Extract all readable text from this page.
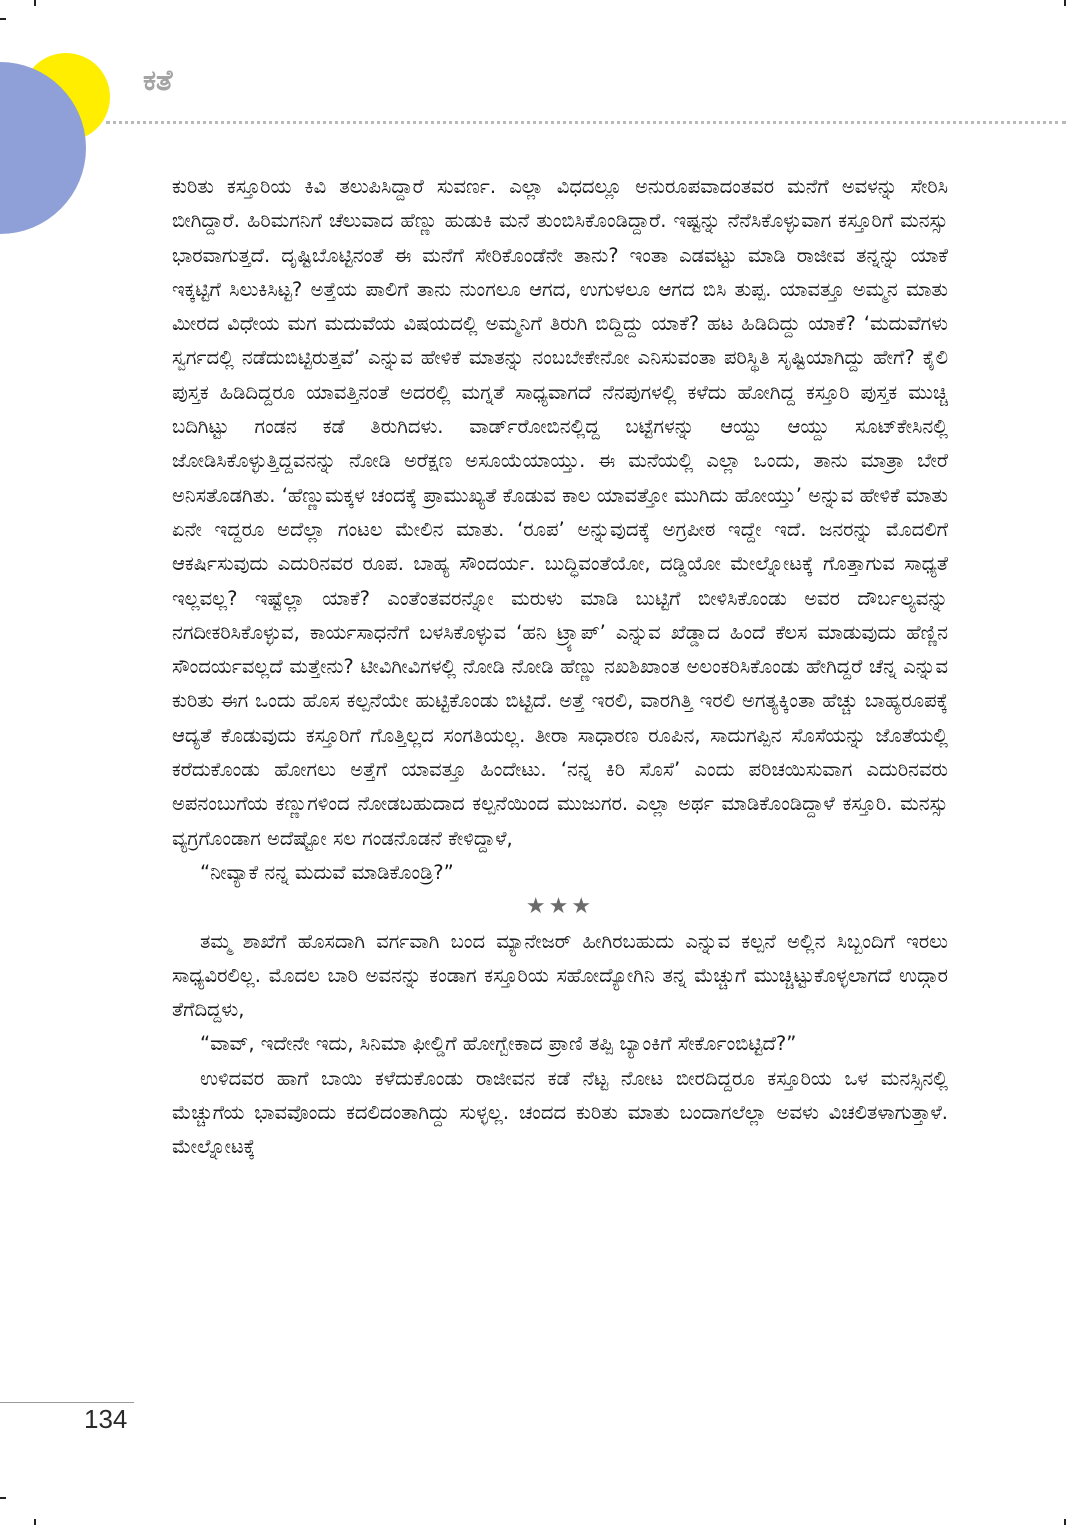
ಕತೆ

ಕುರಿತು ಕಸ್ತೂರಿಯ ಕಿವಿ ತಲುಪಿಸಿದ್ದಾರೆ ಸುವರ್ಣ. ಎಲ್ಲಾ ವಿಧದಲ್ಲೂ ಅನುರೂಪವಾದಂತವರ ಮನೆಗೆ ಅವಳನ್ನು ಸೇರಿಸಿ ಬೀಗಿದ್ದಾರೆ. ಹಿರಿಮಗನಿಗೆ ಚೆಲುವಾದ ಹೆಣ್ಣು ಹುಡುಕಿ ಮನೆ ತುಂಬಿಸಿಕೊಂಡಿದ್ದಾರೆ. ಇಷ್ಟನ್ನು ನೆನೆಸಿಕೊಳ್ಳುವಾಗ ಕಸ್ತೂರಿಗೆ ಮನಸ್ಸು ಭಾರವಾಗುತ್ತದೆ. ದೃಷ್ಟಿಬೊಟ್ಟಿನಂತೆ ಈ ಮನೆಗೆ ಸೇರಿಕೊಂಡೆನೇ ತಾನು? ಇಂತಾ ಎಡವಟ್ಟು ಮಾಡಿ ರಾಜೀವ ತನ್ನನ್ನು ಯಾಕೆ ಇಕ್ಕಟ್ಟಿಗೆ ಸಿಲುಕಿಸಿಟ್ಟ? ಅತ್ತೆಯ ಪಾಲಿಗೆ ತಾನು ನುಂಗಲೂ ಆಗದ, ಉಗುಳಲೂ ಆಗದ ಬಿಸಿ ತುಪ್ಪ. ಯಾವತ್ತೂ ಅಮ್ಮನ ಮಾತು ಮೀರದ ವಿಧೇಯ ಮಗ ಮದುವೆಯ ವಿಷಯದಲ್ಲಿ ಅಮ್ಮನಿಗೆ ತಿರುಗಿ ಬಿದ್ದಿದ್ದು ಯಾಕೆ? ಹಟ ಹಿಡಿದಿದ್ದು ಯಾಕೆ? ‘ಮದುವೆಗಳು ಸ್ವರ್ಗದಲ್ಲಿ ನಡೆದುಬಿಟ್ಟಿರುತ್ತವೆ’ ಎನ್ನುವ ಹೇಳಿಕೆ ಮಾತನ್ನು ನಂಬಬೇಕೇನೋ ಎನಿಸುವಂತಾ ಪರಿಸ್ಥಿತಿ ಸೃಷ್ಟಿಯಾಗಿದ್ದು ಹೇಗೆ? ಕೈಲಿ ಪುಸ್ತಕ ಹಿಡಿದಿದ್ದರೂ ಯಾವತ್ತಿನಂತೆ ಅದರಲ್ಲಿ ಮಗ್ನತೆ ಸಾಧ್ಯವಾಗದೆ ನೆನಪುಗಳಲ್ಲಿ ಕಳೆದು ಹೋಗಿದ್ದ ಕಸ್ತೂರಿ ಪುಸ್ತಕ ಮುಚ್ಚಿ ಬದಿಗಿಟ್ಟು ಗಂಡನ ಕಡೆ ತಿರುಗಿದಳು. ವಾರ್ಡ್‌ರೋಬಿನಲ್ಲಿದ್ದ ಬಟ್ಟೆಗಳನ್ನು ಆಯ್ದು ಆಯ್ದು ಸೂಟ್‌ಕೇಸಿನಲ್ಲಿ ಜೋಡಿಸಿಕೊಳ್ಳುತ್ತಿದ್ದವನನ್ನು ನೋಡಿ ಅರೆಕ್ಷಣ ಅಸೂಯೆಯಾಯ್ತು. ಈ ಮನೆಯಲ್ಲಿ ಎಲ್ಲಾ ಒಂದು, ತಾನು ಮಾತ್ರಾ ಬೇರೆ ಅನಿಸತೊಡಗಿತು. ‘ಹೆಣ್ಣುಮಕ್ಕಳ ಚಂದಕ್ಕೆ ಪ್ರಾಮುಖ್ಯತೆ ಕೊಡುವ ಕಾಲ ಯಾವತ್ತೋ ಮುಗಿದು ಹೋಯ್ತು’ ಅನ್ನುವ ಹೇಳಿಕೆ ಮಾತು ಏನೇ ಇದ್ದರೂ ಅದೆಲ್ಲಾ ಗಂಟಲ ಮೇಲಿನ ಮಾತು. ‘ರೂಪ’ ಅನ್ನುವುದಕ್ಕೆ ಅಗ್ರಪೀಠ ಇದ್ದೇ ಇದೆ. ಜನರನ್ನು ಮೊದಲಿಗೆ ಆಕರ್ಷಿಸುವುದು ಎದುರಿನವರ ರೂಪ. ಬಾಹ್ಯ ಸೌಂದರ್ಯ. ಬುದ್ಧಿವಂತೆಯೋ, ದಡ್ಡಿಯೋ ಮೇಲ್ನೋಟಕ್ಕೆ ಗೊತ್ತಾಗುವ ಸಾಧ್ಯತೆ ಇಲ್ಲವಲ್ಲ? ಇಷ್ಟೆಲ್ಲಾ ಯಾಕೆ? ಎಂತೆಂತವರನ್ನೋ ಮರುಳು ಮಾಡಿ ಬುಟ್ಟಿಗೆ ಬೀಳಿಸಿಕೊಂಡು ಅವರ ದೌರ್ಬಲ್ಯವನ್ನು ನಗದೀಕರಿಸಿಕೊಳ್ಳುವ, ಕಾರ್ಯಸಾಧನೆಗೆ ಬಳಸಿಕೊಳ್ಳುವ ‘ಹನಿ ಟ್ರ್ಯಾಪ್’ ಎನ್ನುವ ಖೆಡ್ಡಾದ ಹಿಂದೆ ಕೆಲಸ ಮಾಡುವುದು ಹೆಣ್ಣಿನ ಸೌಂದರ್ಯವಲ್ಲದೆ ಮತ್ತೇನು? ಟೀವಿಗೀವಿಗಳಲ್ಲಿ ನೋಡಿ ನೋಡಿ ಹೆಣ್ಣು ನಖಶಿಖಾಂತ ಅಲಂಕರಿಸಿಕೊಂಡು ಹೇಗಿದ್ದರೆ ಚೆನ್ನ ಎನ್ನುವ ಕುರಿತು ಈಗ ಒಂದು ಹೊಸ ಕಲ್ಪನೆಯೇ ಹುಟ್ಟಿಕೊಂಡು ಬಿಟ್ಟಿದೆ. ಅತ್ತೆ ಇರಲಿ, ವಾರಗಿತ್ತಿ ಇರಲಿ ಅಗತ್ಯಕ್ಕಿಂತಾ ಹೆಚ್ಚು ಬಾಹ್ಯರೂಪಕ್ಕೆ ಆದ್ಯತೆ ಕೊಡುವುದು ಕಸ್ತೂರಿಗೆ ಗೊತ್ತಿಲ್ಲದ ಸಂಗತಿಯಲ್ಲ. ತೀರಾ ಸಾಧಾರಣ ರೂಪಿನ, ಸಾದುಗಪ್ಪಿನ ಸೊಸೆಯನ್ನು ಜೊತೆಯಲ್ಲಿ ಕರೆದುಕೊಂಡು ಹೋಗಲು ಅತ್ತೆಗೆ ಯಾವತ್ತೂ ಹಿಂದೇಟು. ‘ನನ್ನ ಕಿರಿ ಸೊಸೆ’ ಎಂದು ಪರಿಚಯಿಸುವಾಗ ಎದುರಿನವರು ಅಪನಂಬುಗೆಯ ಕಣ್ಣುಗಳಿಂದ ನೋಡಬಹುದಾದ ಕಲ್ಪನೆಯಿಂದ ಮುಜುಗರ. ಎಲ್ಲಾ ಅರ್ಥ ಮಾಡಿಕೊಂಡಿದ್ದಾಳೆ ಕಸ್ತೂರಿ. ಮನಸ್ಸು ವ್ಯಗ್ರಗೊಂಡಾಗ ಅದೆಷ್ಟೋ ಸಲ ಗಂಡನೊಡನೆ ಕೇಳಿದ್ದಾಳೆ,

“ನೀವ್ಯಾಕೆ ನನ್ನ ಮದುವೆ ಮಾಡಿಕೊಂಡ್ರಿ?”

★★★

ತಮ್ಮ ಶಾಖೆಗೆ ಹೊಸದಾಗಿ ವರ್ಗವಾಗಿ ಬಂದ ಮ್ಯಾನೇಜರ್ ಹೀಗಿರಬಹುದು ಎನ್ನುವ ಕಲ್ಪನೆ ಅಲ್ಲಿನ ಸಿಬ್ಬಂದಿಗೆ ಇರಲು ಸಾಧ್ಯವಿರಲಿಲ್ಲ. ಮೊದಲ ಬಾರಿ ಅವನನ್ನು ಕಂಡಾಗ ಕಸ್ತೂರಿಯ ಸಹೋದ್ಯೋಗಿನಿ ತನ್ನ ಮೆಚ್ಚುಗೆ ಮುಚ್ಚಿಟ್ಟುಕೊಳ್ಳಲಾಗದೆ ಉದ್ಗಾರ ತೆಗೆದಿದ್ದಳು,

“ವಾವ್, ಇದೇನೇ ಇದು, ಸಿನಿಮಾ ಫೀಲ್ಡಿಗೆ ಹೋಗ್ಬೇಕಾದ ಪ್ರಾಣಿ ತಪ್ಪಿ ಬ್ಯಾಂಕಿಗೆ ಸೇರ್ಕೊಂಬಿಟ್ಟಿದೆ?”

ಉಳಿದವರ ಹಾಗೆ ಬಾಯಿ ಕಳೆದುಕೊಂಡು ರಾಜೀವನ ಕಡೆ ನೆಟ್ಟ ನೋಟ ಬೀರದಿದ್ದರೂ ಕಸ್ತೂರಿಯ ಒಳ ಮನಸ್ಸಿನಲ್ಲಿ ಮೆಚ್ಚುಗೆಯ ಭಾವವೊಂದು ಕದಲಿದಂತಾಗಿದ್ದು ಸುಳ್ಳಲ್ಲ. ಚಂದದ ಕುರಿತು ಮಾತು ಬಂದಾಗಲೆಲ್ಲಾ ಅವಳು ವಿಚಲಿತಳಾಗುತ್ತಾಳೆ. ಮೇಲ್ನೋಟಕ್ಕೆ

134
